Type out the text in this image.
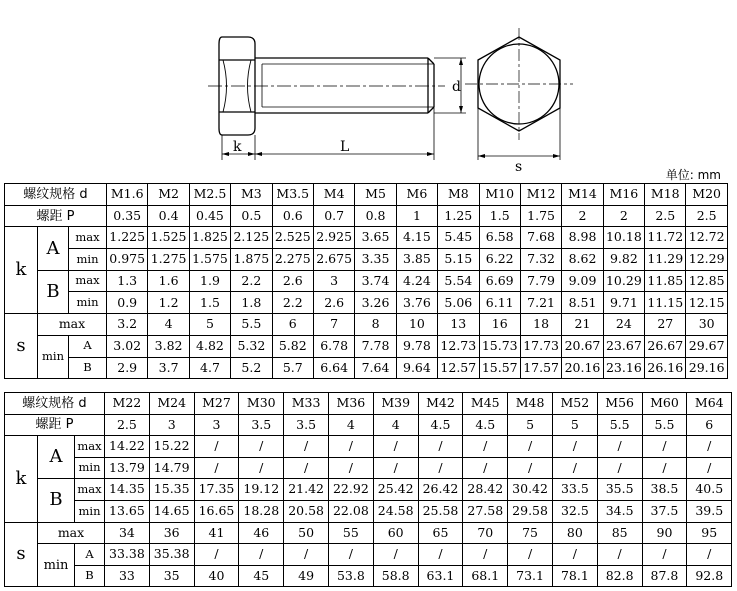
k	L
d
s	单位: mm
螺纹规格 d			M1.6	M2	M2.5	M3	M3.5	M4	M5	M6	M8	M10	M12	M14	M16	M18	M20
螺距 P			0.35	0.4	0.45	0.5	0.6	0.7	0.8	1	1.25	1.5	1.75	2	2	2.5	2.5
k	A	max	1.225	1.525	1.825	2.125	2.525	2.925	3.65	4.15	5.45	6.58	7.68	8.98	10.18	11.72	12.72
		min	0.975	1.275	1.575	1.875	2.275	2.675	3.35	3.85	5.15	6.22	7.32	8.62	9.82	11.29	12.29
	B	max	1.3	1.6	1.9	2.2	2.6	3	3.74	4.24	5.54	6.69	7.79	9.09	10.29	11.85	12.85
		min	0.9	1.2	1.5	1.8	2.2	2.6	3.26	3.76	5.06	6.11	7.21	8.51	9.71	11.15	12.15
s	max		3.2	4	5	5.5	6	7	8	10	13	16	18	21	24	27	30
	min	A	3.02	3.82	4.82	5.32	5.82	6.78	7.78	9.78	12.73	15.73	17.73	20.67	23.67	26.67	29.67
		B	2.9	3.7	4.7	5.2	5.7	6.64	7.64	9.64	12.57	15.57	17.57	20.16	23.16	26.16	29.16
螺纹规格 d			M22	M24	M27	M30	M33	M36	M39	M42	M45	M48	M52	M56	M60	M64
螺距 P			2.5	3	3	3.5	3.5	4	4	4.5	4.5	5	5	5.5	5.5	6
k	A	max	14.22	15.22	/	/	/	/	/	/	/	/	/	/	/	/
		min	13.79	14.79	/	/	/	/	/	/	/	/	/	/	/	/
	B	max	14.35	15.35	17.35	19.12	21.42	22.92	25.42	26.42	28.42	30.42	33.5	35.5	38.5	40.5
		min	13.65	14.65	16.65	18.28	20.58	22.08	24.58	25.58	27.58	29.58	32.5	34.5	37.5	39.5
s	max		34	36	41	46	50	55	60	65	70	75	80	85	90	95
	min	A	33.38	35.38	/	/	/	/	/	/	/	/	/	/	/	/
		B	33	35	40	45	49	53.8	58.8	63.1	68.1	73.1	78.1	82.8	87.8	92.8
